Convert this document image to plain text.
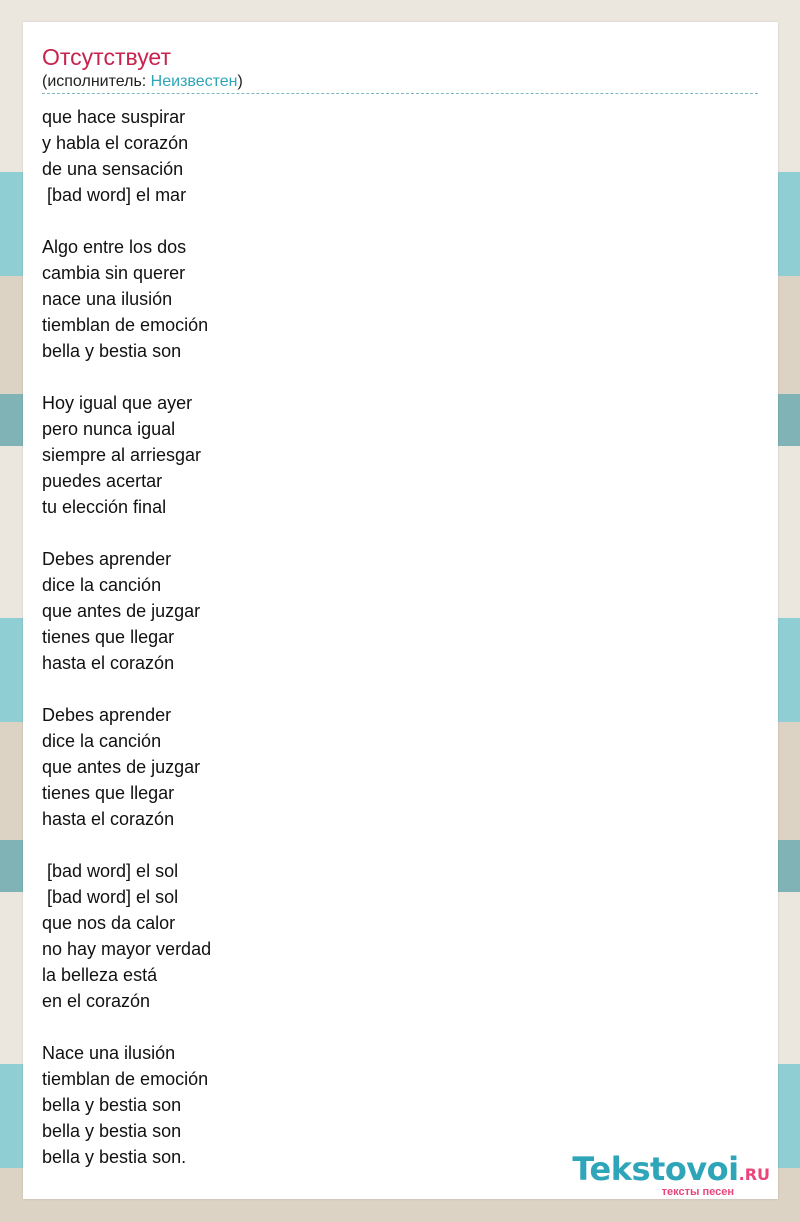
Отсутствует
(исполнитель: Неизвестен)
que hace suspirar
y habla el corazón
de una sensación
[bad word] el mar
Algo entre los dos
cambia sin querer
nace una ilusión
tiemblan de emoción
bella y bestia son
Hoy igual que ayer
pero nunca igual
siempre al arriesgar
puedes acertar
tu elección final
Debes aprender
dice la canción
que antes de juzgar
tienes que llegar
hasta el corazón
Debes aprender
dice la canción
que antes de juzgar
tienes que llegar
hasta el corazón
[bad word] el sol
[bad word] el sol
que nos da calor
no hay mayor verdad
la belleza está
en el corazón
Nace una ilusión
tiemblan de emoción
bella y bestia son
bella y bestia son
bella y bestia son.	Tekstovoi.RU
тексты песен
